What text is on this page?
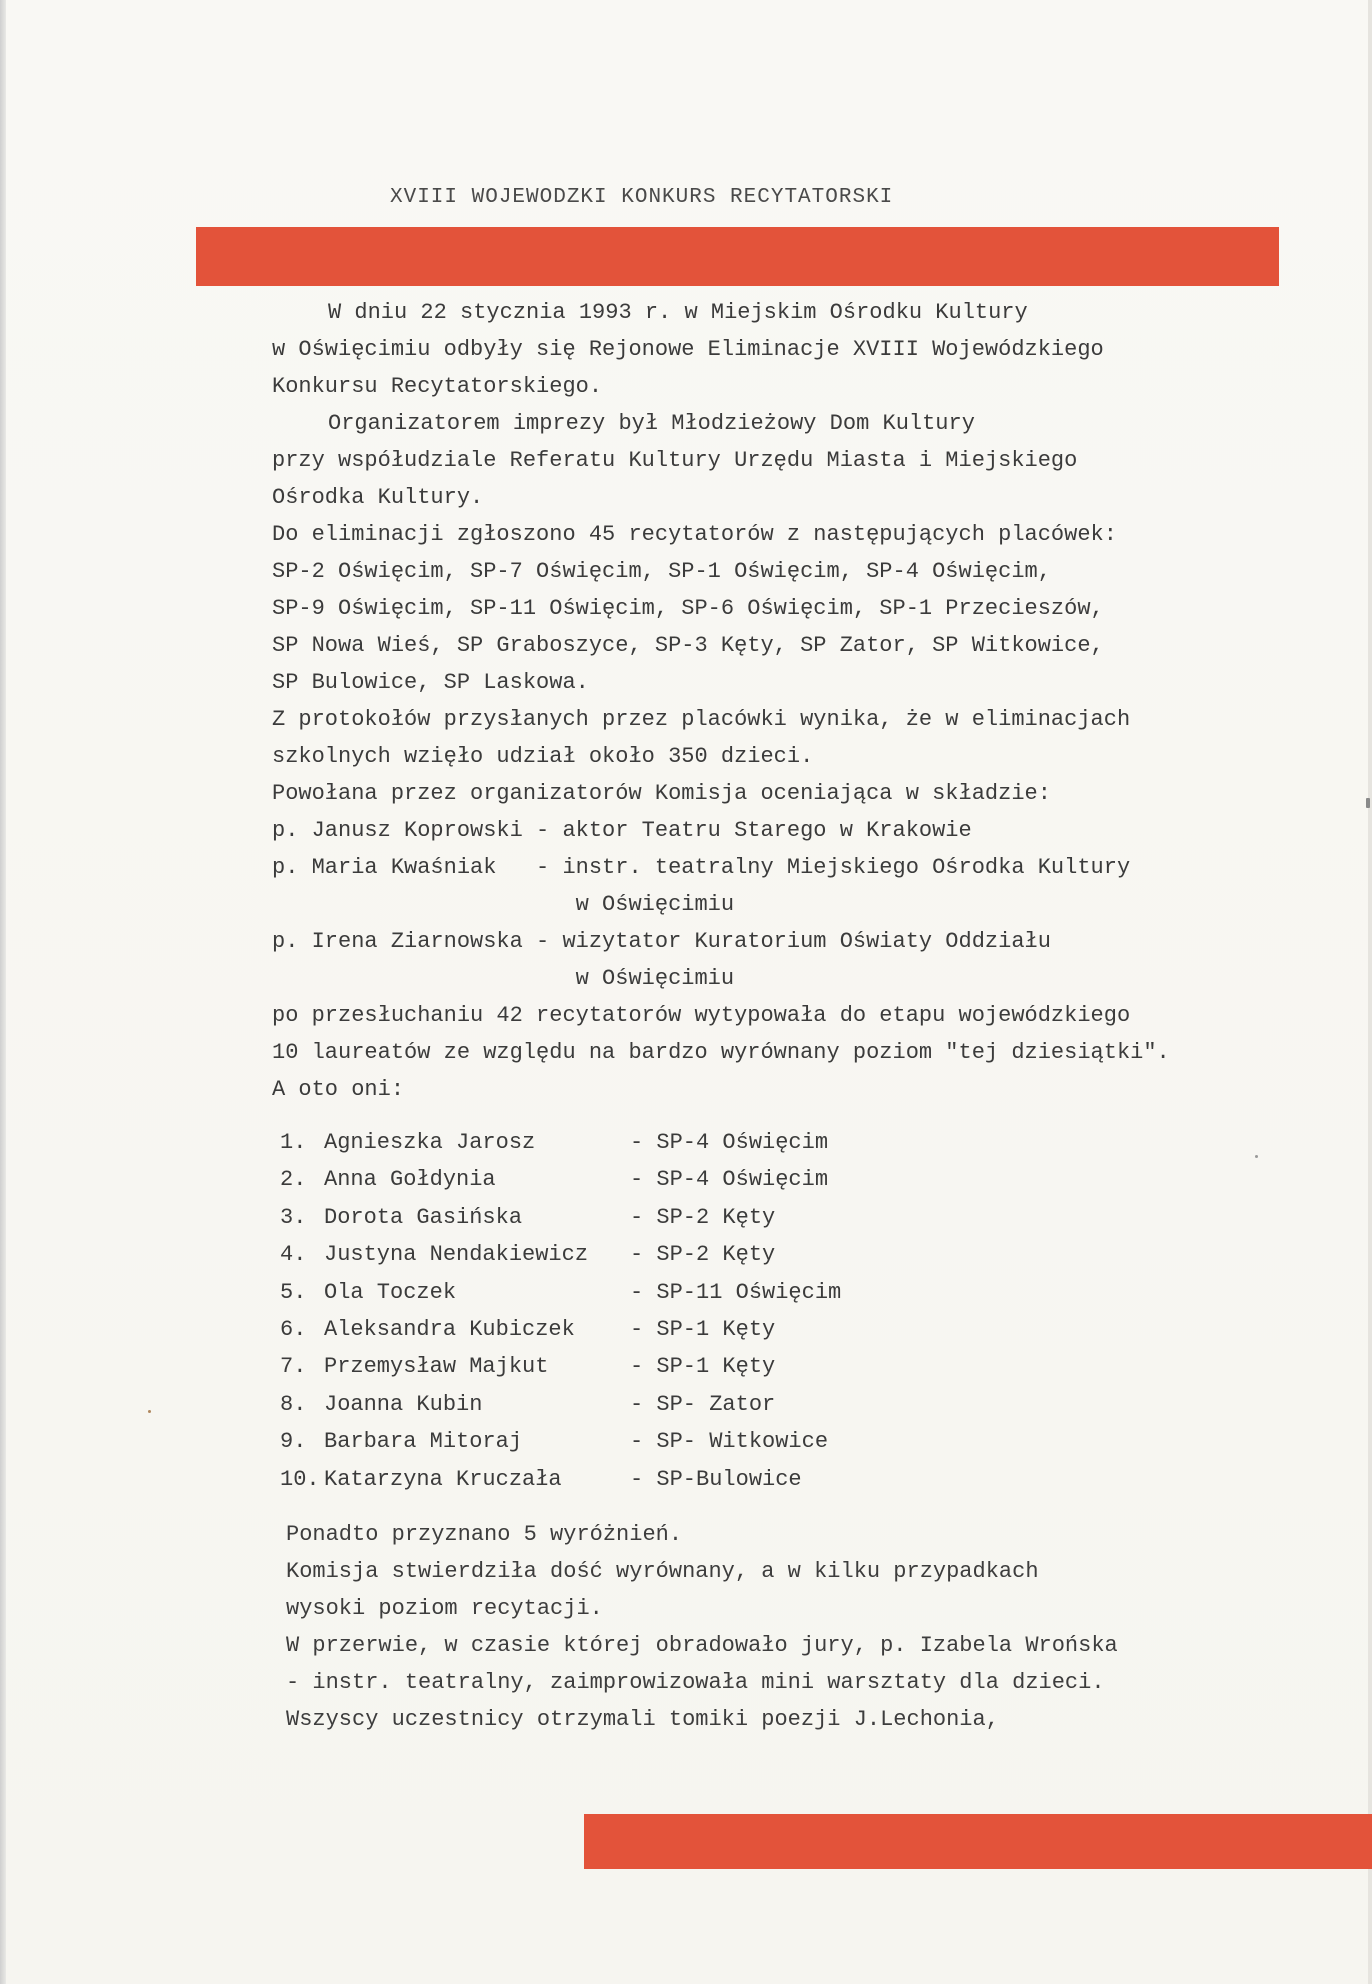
XVIII WOJEWODZKI KONKURS RECYTATORSKI
W dniu 22 stycznia 1993 r. w Miejskim Ośrodku Kultury
w Oświęcimiu odbyły się Rejonowe Eliminacje XVIII Wojewódzkiego
Konkursu Recytatorskiego.
Organizatorem imprezy był Młodzieżowy Dom Kultury
przy współudziale Referatu Kultury Urzędu Miasta i Miejskiego
Ośrodka Kultury.
Do eliminacji zgłoszono 45 recytatorów z następujących placówek:
SP-2 Oświęcim, SP-7 Oświęcim, SP-1 Oświęcim, SP-4 Oświęcim,
SP-9 Oświęcim, SP-11 Oświęcim, SP-6 Oświęcim, SP-1 Przecieszów,
SP Nowa Wieś, SP Graboszyce, SP-3 Kęty, SP Zator, SP Witkowice,
SP Bulowice, SP Laskowa.
Z protokołów przysłanych przez placówki wynika, że w eliminacjach
szkolnych wzięło udział około 350 dzieci.
Powołana przez organizatorów Komisja oceniająca w składzie:
p. Janusz Koprowski - aktor Teatru Starego w Krakowie
p. Maria Kwaśniak   - instr. teatralny Miejskiego Ośrodka Kultury
w Oświęcimiu
p. Irena Ziarnowska - wizytator Kuratorium Oświaty Oddziału
w Oświęcimiu
po przesłuchaniu 42 recytatorów wytypowała do etapu wojewódzkiego
10 laureatów ze względu na bardzo wyrównany poziom "tej dziesiątki".
A oto oni:
1. Agnieszka Jarosz	- SP-4 Oświęcim
2. Anna Gołdynia	- SP-4 Oświęcim
3. Dorota Gasińska	- SP-2 Kęty
4. Justyna Nendakiewicz	- SP-2 Kęty
5. Ola Toczek	- SP-11 Oświęcim
6. Aleksandra Kubiczek	- SP-1 Kęty
7. Przemysław Majkut	- SP-1 Kęty
8. Joanna Kubin	- SP- Zator
9. Barbara Mitoraj	- SP- Witkowice
10. Katarzyna Kruczała	- SP-Bulowice
Ponadto przyznano 5 wyróżnień.
Komisja stwierdziła dość wyrównany, a w kilku przypadkach
wysoki poziom recytacji.
W przerwie, w czasie której obradowało jury, p. Izabela Wrońska
- instr. teatralny, zaimprowizowała mini warsztaty dla dzieci.
Wszyscy uczestnicy otrzymali tomiki poezji J.Lechonia,
